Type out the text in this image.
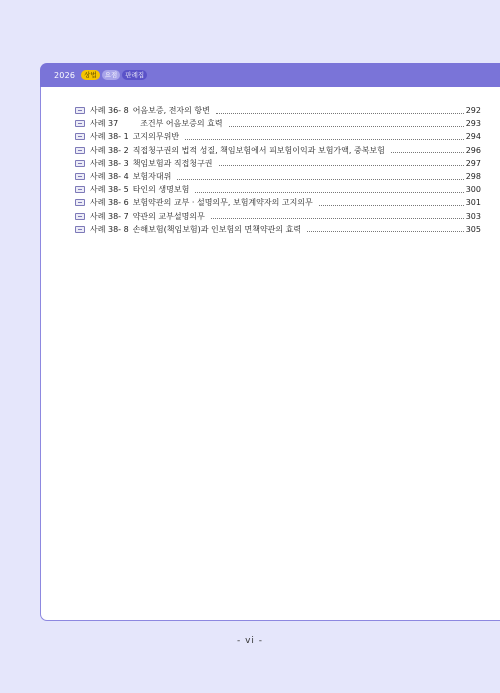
2026	상법	요점	판례집
사례 36- 8 어음보증, 전자의 항변	292
사례 37	조건부 어음보증의 효력	293
사례 38- 1 고지의무위반	294
사례 38- 2 직접청구권의 법적 성질, 책임보험에서 피보험이익과 보험가액, 중복보험	296
사례 38- 3 책임보험과 직접청구권	297
사례 38- 4 보험자대위	298
사례 38- 5 타인의 생명보험	300
사례 38- 6 보험약관의 교부 · 설명의무, 보험계약자의 고지의무	301
사례 38- 7 약관의 교부설명의무	303
사례 38- 8 손해보험(책임보험)과 인보험의 면책약관의 효력	305
- vi -
